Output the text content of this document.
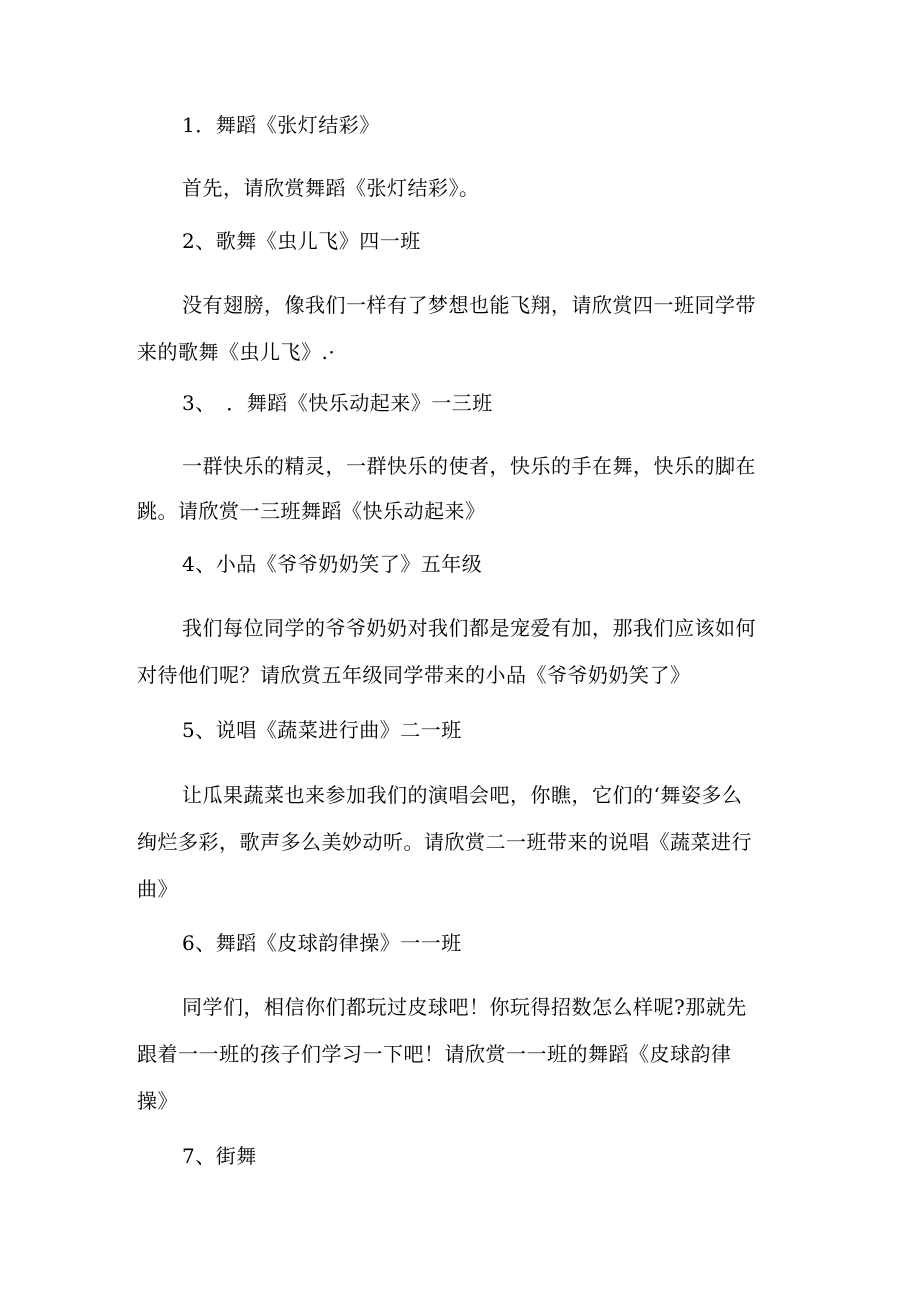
1．舞蹈《张灯结彩》
首先，请欣赏舞蹈《张灯结彩》。
2、歌舞《虫儿飞》四一班
没有翅膀，像我们一样有了梦想也能飞翔，请欣赏四一班同学带
来的歌舞《虫儿飞》.·
3、　．舞蹈《快乐动起来》一三班
一群快乐的精灵，一群快乐的使者，快乐的手在舞，快乐的脚在
跳。请欣赏一三班舞蹈《快乐动起来》
4、小品《爷爷奶奶笑了》五年级
我们每位同学的爷爷奶奶对我们都是宠爱有加，那我们应该如何
对待他们呢？请欣赏五年级同学带来的小品《爷爷奶奶笑了》
5、说唱《蔬菜进行曲》二一班
让瓜果蔬菜也来参加我们的演唱会吧，你瞧，它们的‘舞姿多么
绚烂多彩，歌声多么美妙动听。请欣赏二一班带来的说唱《蔬菜进行
曲》
6、舞蹈《皮球韵律操》一一班
同学们，相信你们都玩过皮球吧！你玩得招数怎么样呢?那就先
跟着一一班的孩子们学习一下吧！请欣赏一一班的舞蹈《皮球韵律
操》
7、街舞
